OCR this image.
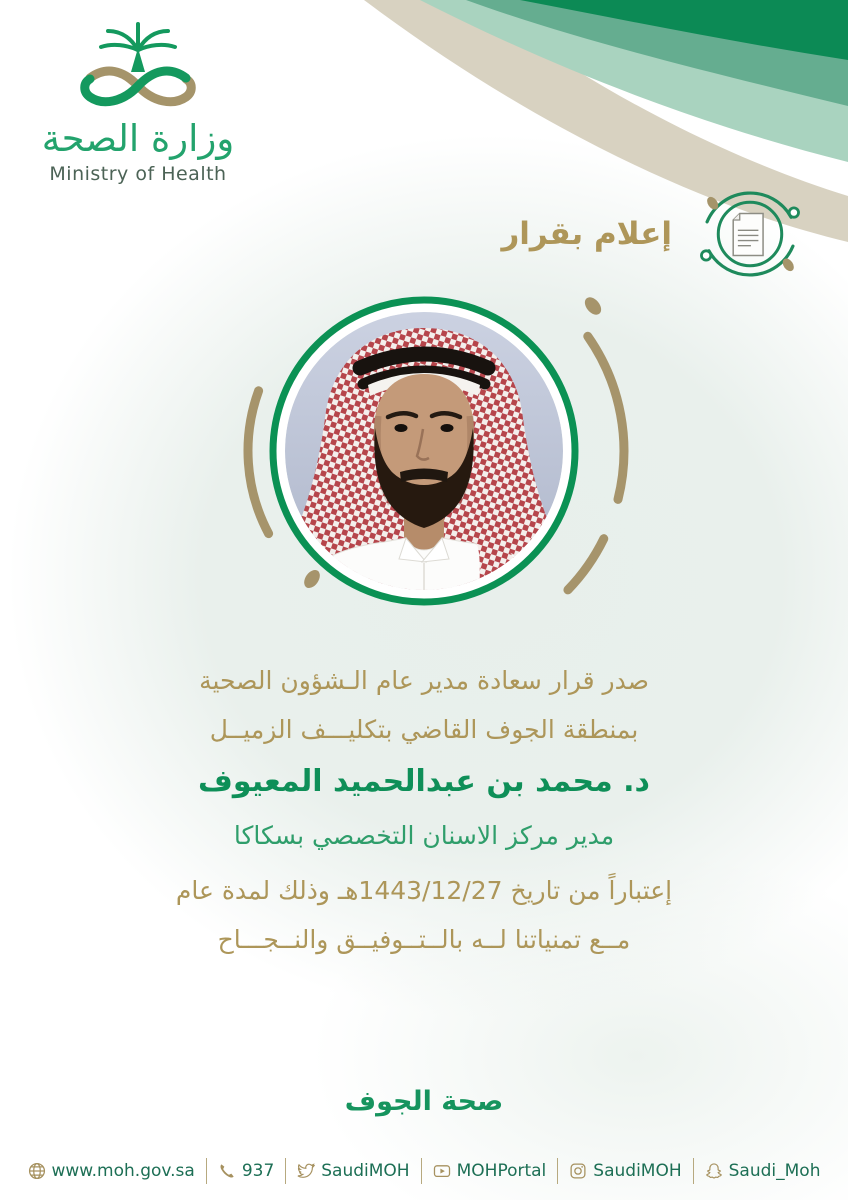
وزارة الصحة
Ministry of Health
إعلام بقرار

صدر قرار سعادة مدير عام الـشؤون الصحية

بمنطقة الجوف القاضي بتكليـــف الزميــل

د. محمد بن عبدالحميد المعيوف

مدير مركز الاسنان التخصصي بسكاكا

إعتباراً من تاريخ 1443/12/27هـ وذلك لمدة عام

مــع تمنياتنا لــه بالــتــوفيــق والنــجـــاح

صحة الجوف
www.moh.gov.sa	937	SaudiMOH	MOHPortal	SaudiMOH	Saudi_Moh
